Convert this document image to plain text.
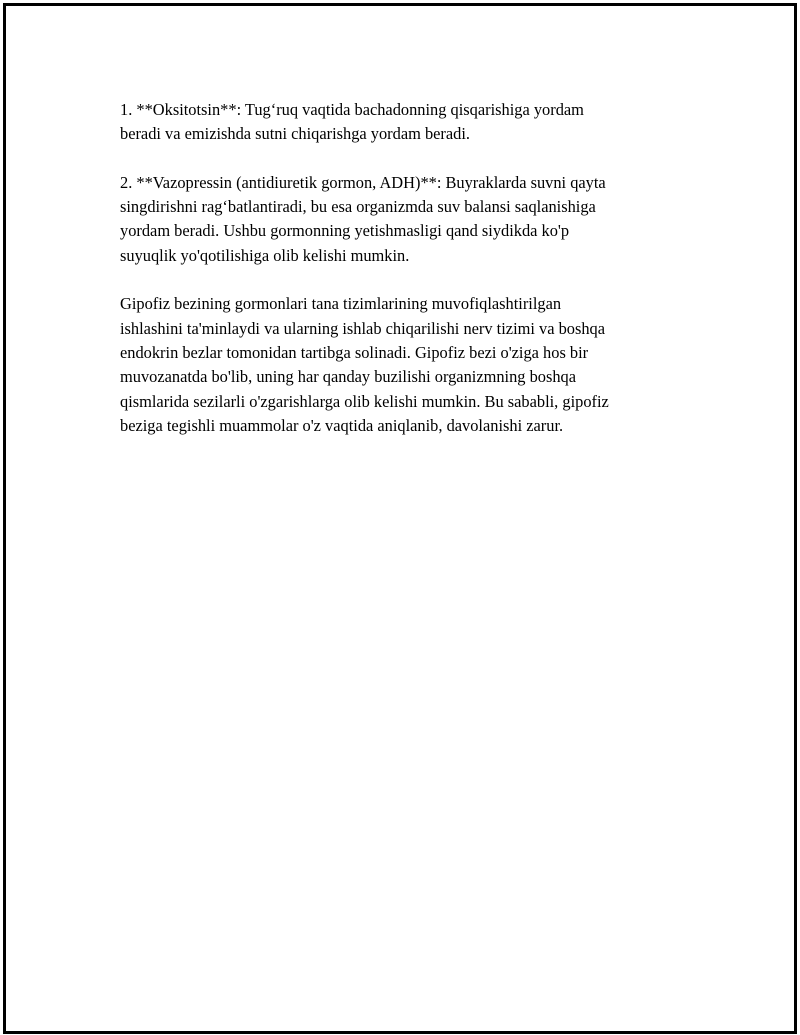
1. **Oksitotsin**: Tug‘ruq vaqtida bachadonning qisqarishiga yordam
beradi va emizishda sutni chiqarishga yordam beradi.

2. **Vazopressin (antidiuretik gormon, ADH)**: Buyraklarda suvni qayta
singdirishni rag‘batlantiradi, bu esa organizmda suv balansi saqlanishiga
yordam beradi. Ushbu gormonning yetishmasligi qand siydikda ko'p
suyuqlik yo'qotilishiga olib kelishi mumkin.

Gipofiz bezining gormonlari tana tizimlarining muvofiqlashtirilgan
ishlashini ta'minlaydi va ularning ishlab chiqarilishi nerv tizimi va boshqa
endokrin bezlar tomonidan tartibga solinadi. Gipofiz bezi o'ziga hos bir
muvozanatda bo'lib, uning har qanday buzilishi organizmning boshqa
qismlarida sezilarli o'zgarishlarga olib kelishi mumkin. Bu sababli, gipofiz
beziga tegishli muammolar o'z vaqtida aniqlanib, davolanishi zarur.
